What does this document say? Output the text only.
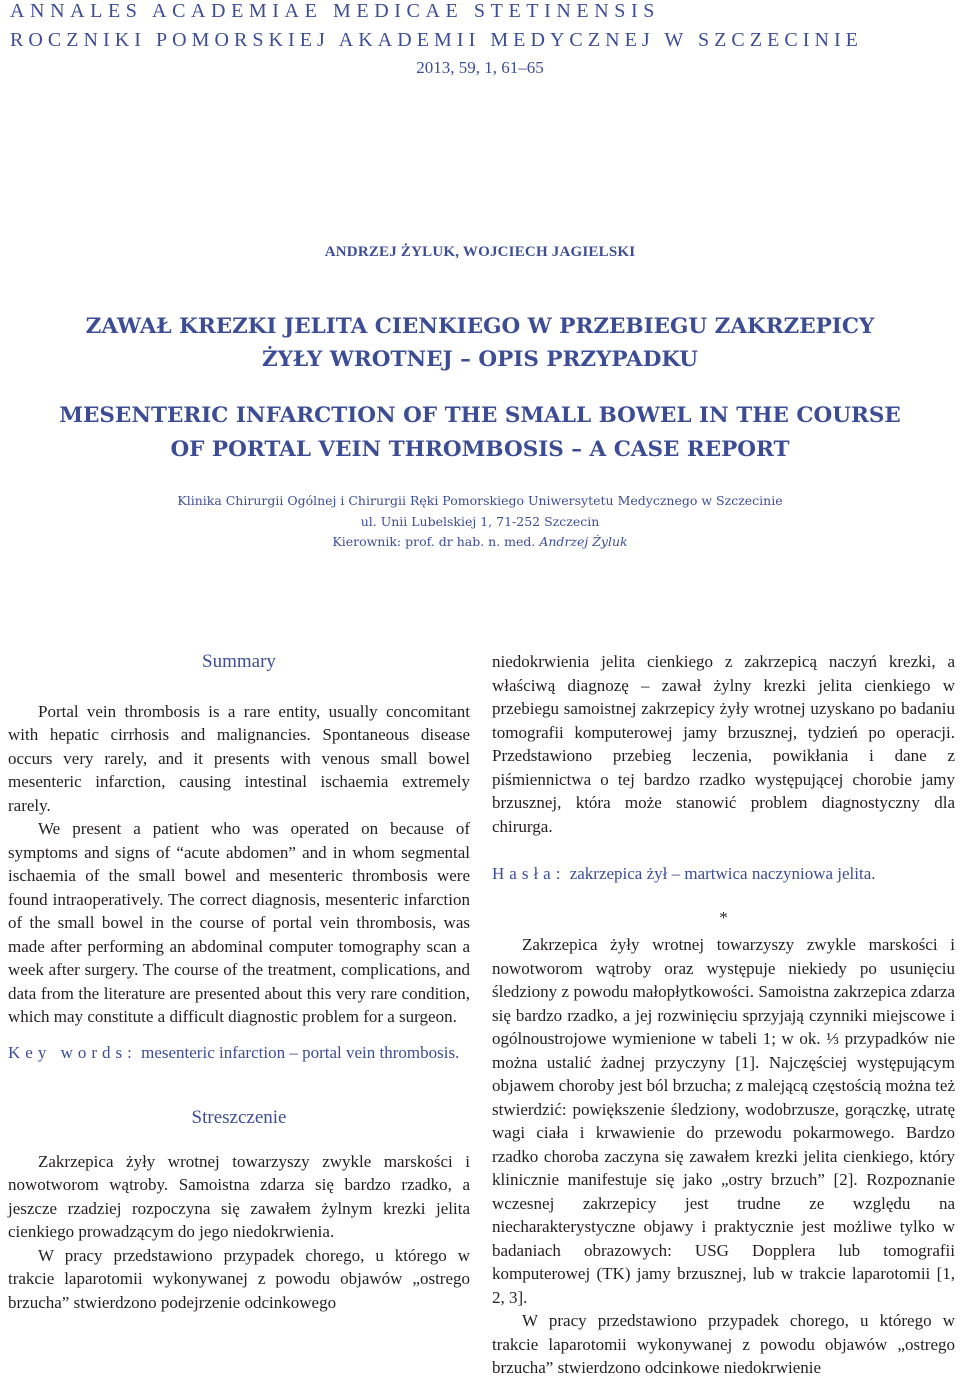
ANNALES ACADEMIAE MEDICAE STETINENSIS
ROCZNIKI POMORSKIEJ AKADEMII MEDYCZNEJ W SZCZECINIE
2013, 59, 1, 61–65
ANDRZEJ ŻYLUK, WOJCIECH JAGIELSKI
ZAWAŁ KREZKI JELITA CIENKIEGO W PRZEBIEGU ZAKRZEPICY
ŻYŁY WROTNEJ – OPIS PRZYPADKU
MESENTERIC INFARCTION OF THE SMALL BOWEL IN THE COURSE
OF PORTAL VEIN THROMBOSIS – A CASE REPORT
Klinika Chirurgii Ogólnej i Chirurgii Ręki Pomorskiego Uniwersytetu Medycznego w Szczecinie
ul. Unii Lubelskiej 1, 71-252 Szczecin
Kierownik: prof. dr hab. n. med. Andrzej Żyluk
Summary

Portal vein thrombosis is a rare entity, usually concomitant with hepatic cirrhosis and malignancies. Spontaneous disease occurs very rarely, and it presents with venous small bowel mesenteric infarction, causing intestinal ischaemia extremely rarely.

We present a patient who was operated on because of symptoms and signs of “acute abdomen” and in whom segmental ischaemia of the small bowel and mesenteric thrombosis were found intraoperatively. The correct diagnosis, mesenteric infarction of the small bowel in the course of portal vein thrombosis, was made after performing an abdominal computer tomography scan a week after surgery. The course of the treatment, complications, and data from the literature are presented about this very rare condition, which may constitute a difficult diagnostic problem for a surgeon.

Key words: mesenteric infarction – portal vein thrombosis.

Streszczenie

Zakrzepica żyły wrotnej towarzyszy zwykle marskości i nowotworom wątroby. Samoistna zdarza się bardzo rzadko, a jeszcze rzadziej rozpoczyna się zawałem żylnym krezki jelita cienkiego prowadzącym do jego niedokrwienia.

W pracy przedstawiono przypadek chorego, u którego w trakcie laparotomii wykonywanej z powodu objawów „ostrego brzucha” stwierdzono podejrzenie odcinkowego

niedokrwienia jelita cienkiego z zakrzepicą naczyń krezki, a właściwą diagnozę – zawał żylny krezki jelita cienkiego w przebiegu samoistnej zakrzepicy żyły wrotnej uzyskano po badaniu tomografii komputerowej jamy brzusznej, tydzień po operacji. Przedstawiono przebieg leczenia, powikłania i dane z piśmiennictwa o tej bardzo rzadko występującej chorobie jamy brzusznej, która może stanowić problem diagnostyczny dla chirurga.

Hasła: zakrzepica żył – martwica naczyniowa jelita.

*

Zakrzepica żyły wrotnej towarzyszy zwykle marskości i nowotworom wątroby oraz występuje niekiedy po usunięciu śledziony z powodu małopłytkowości. Samoistna zakrzepica zdarza się bardzo rzadko, a jej rozwinięciu sprzyjają czynniki miejscowe i ogólnoustrojowe wymienione w tabeli 1; w ok. ⅓ przypadków nie można ustalić żadnej przyczyny [1]. Najczęściej występującym objawem choroby jest ból brzucha; z malejącą częstością można też stwierdzić: powiększenie śledziony, wodobrzusze, gorączkę, utratę wagi ciała i krwawienie do przewodu pokarmowego. Bardzo rzadko choroba zaczyna się zawałem krezki jelita cienkiego, który klinicznie manifestuje się jako „ostry brzuch” [2]. Rozpoznanie wczesnej zakrzepicy jest trudne ze względu na niecharakterystyczne objawy i praktycznie jest możliwe tylko w badaniach obrazowych: USG Dopplera lub tomografii komputerowej (TK) jamy brzusznej, lub w trakcie laparotomii [1, 2, 3].

W pracy przedstawiono przypadek chorego, u którego w trakcie laparotomii wykonywanej z powodu objawów „ostrego brzucha” stwierdzono odcinkowe niedokrwienie
